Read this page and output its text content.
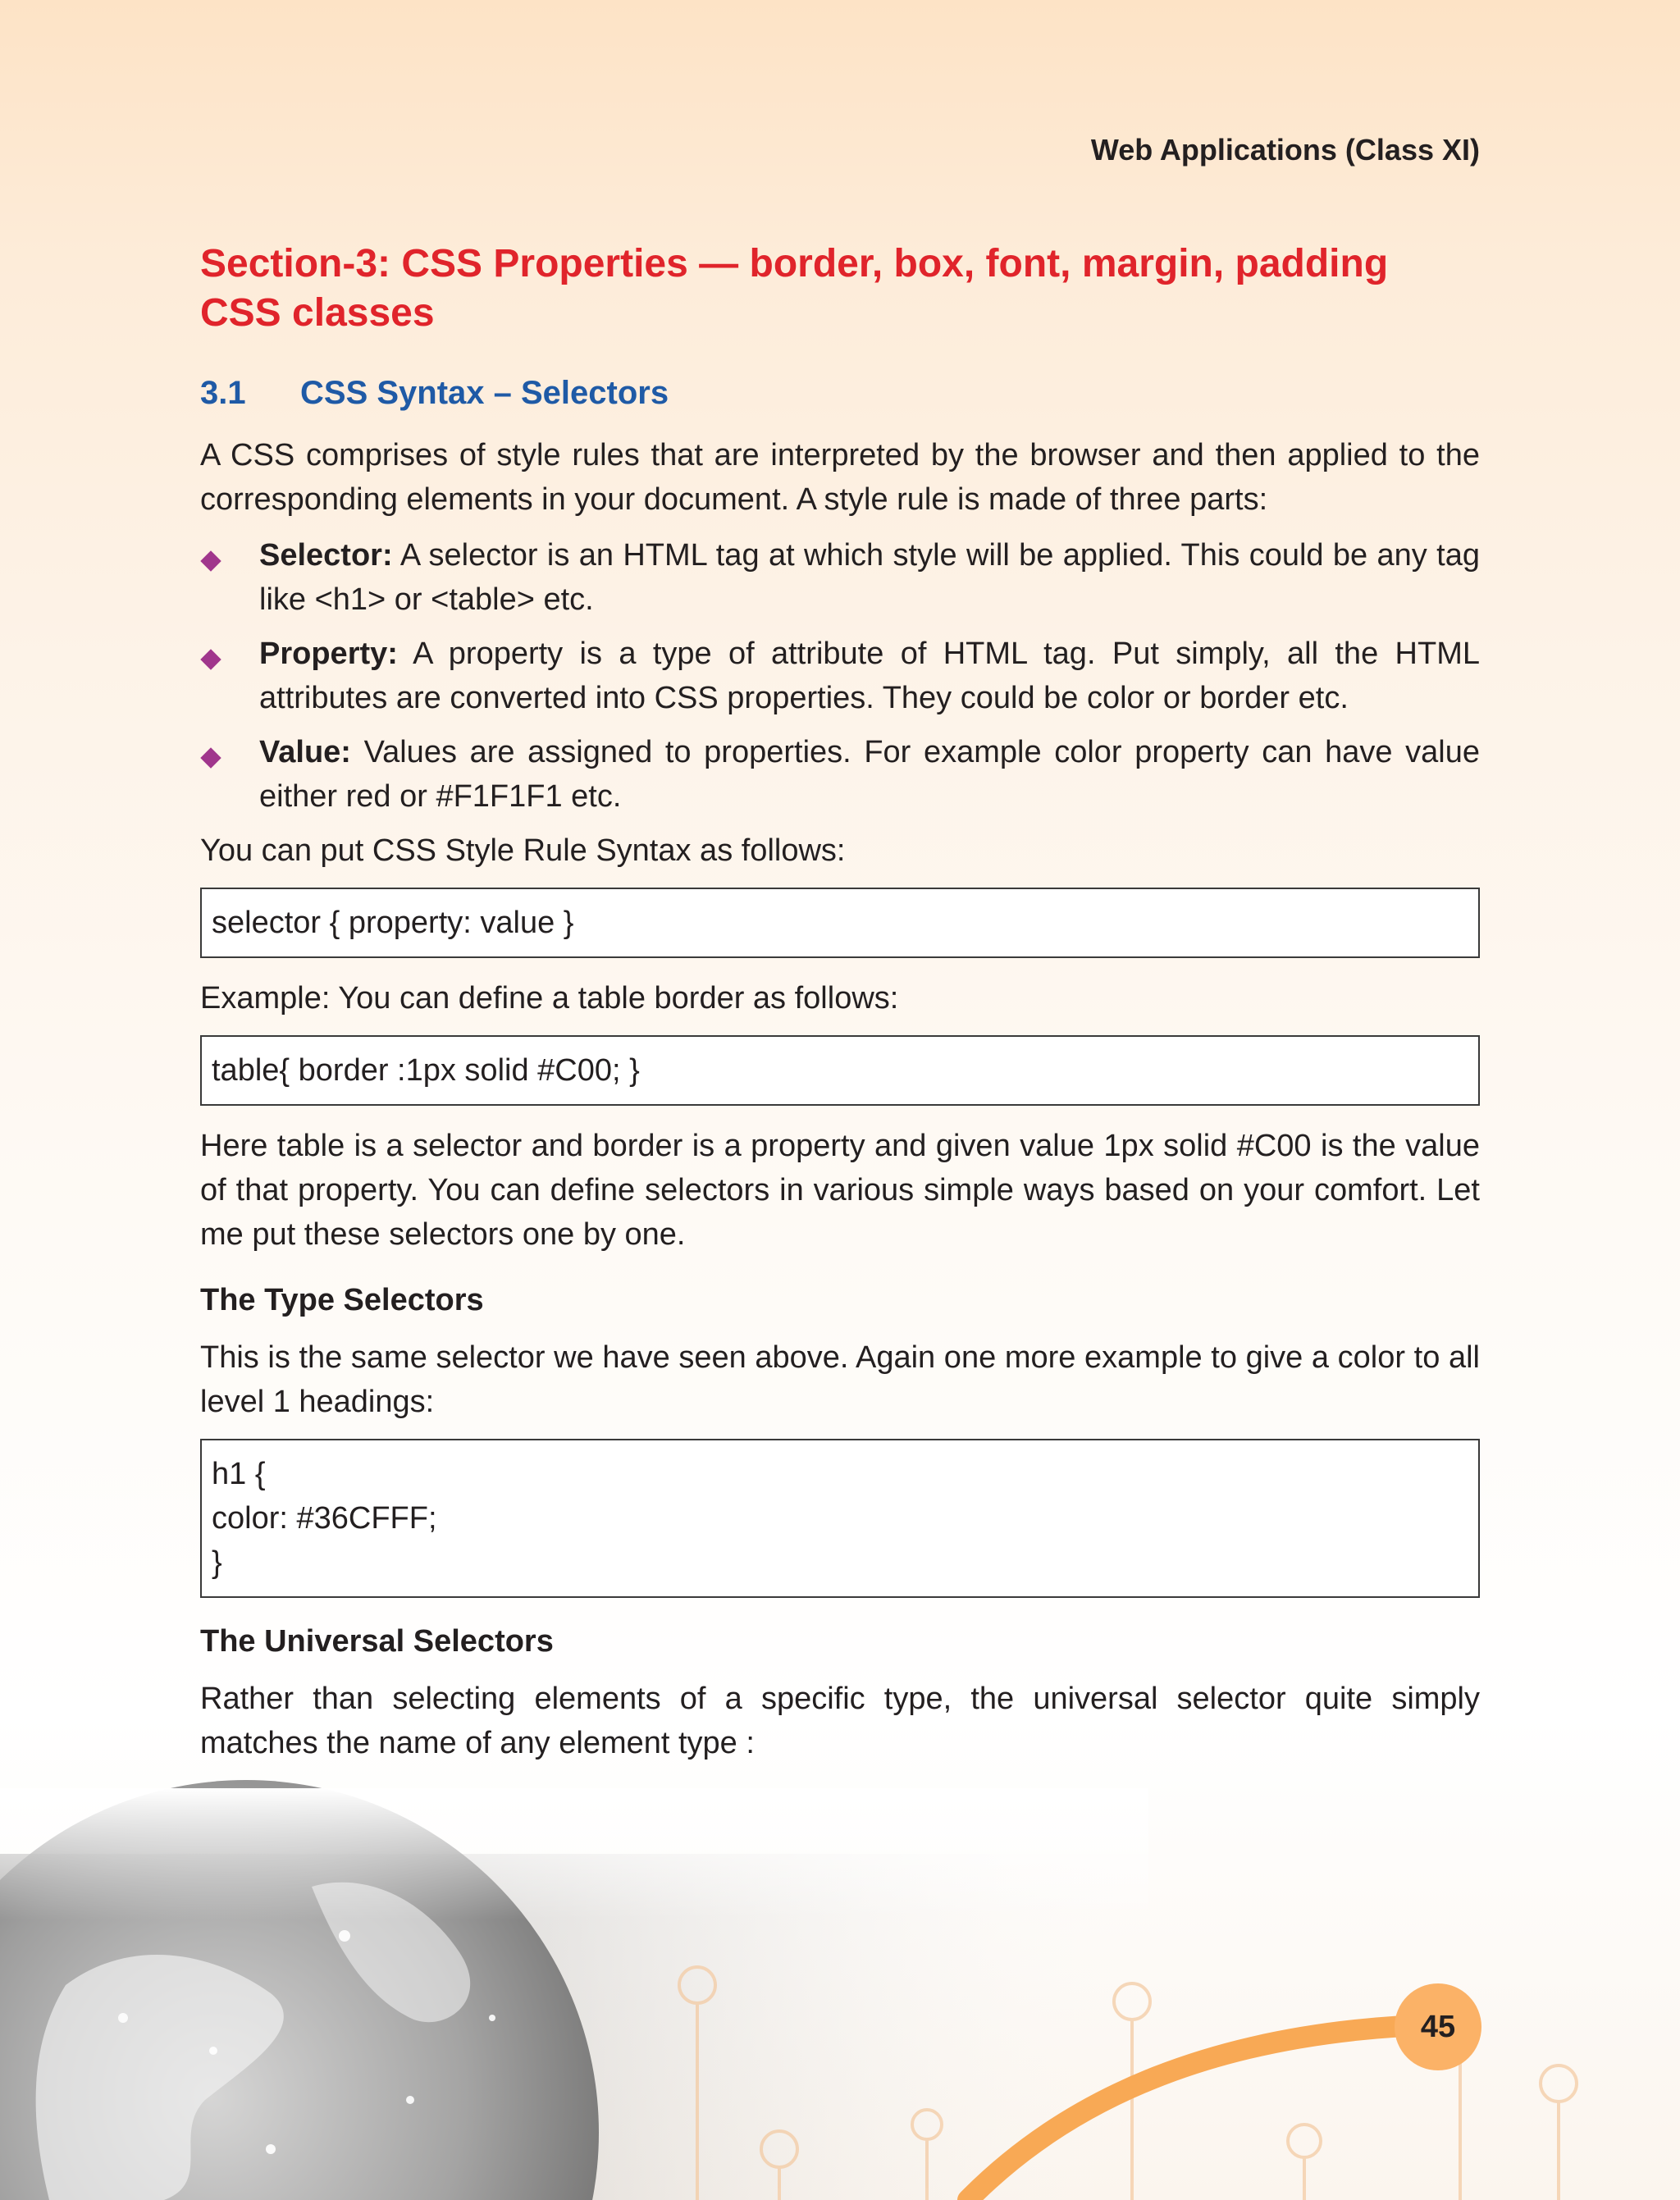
Web Applications (Class XI)
Section-3: CSS Properties — border, box, font, margin, padding CSS classes
3.1	CSS Syntax – Selectors

A CSS comprises of style rules that are interpreted by the browser and then applied to the corresponding elements in your document. A style rule is made of three parts:

Selector: A selector is an HTML tag at which style will be applied. This could be any tag like <h1> or <table> etc.
Property: A property is a type of attribute of HTML tag. Put simply, all the HTML attributes are converted into CSS properties. They could be color or border etc.
Value: Values are assigned to properties. For example color property can have value either red or #F1F1F1 etc.

You can put CSS Style Rule Syntax as follows:

selector { property: value }

Example: You can define a table border as follows:

table{ border :1px solid #C00; }

Here table is a selector and border is a property and given value 1px solid #C00 is the value of that property. You can define selectors in various simple ways based on your comfort. Let me put these selectors one by one.

The Type Selectors

This is the same selector we have seen above. Again one more example to give a color to all level 1 headings:

h1 {
color: #36CFFF;
}
The Universal Selectors

Rather than selecting elements of a specific type, the universal selector quite simply matches the name of any element type :

45
